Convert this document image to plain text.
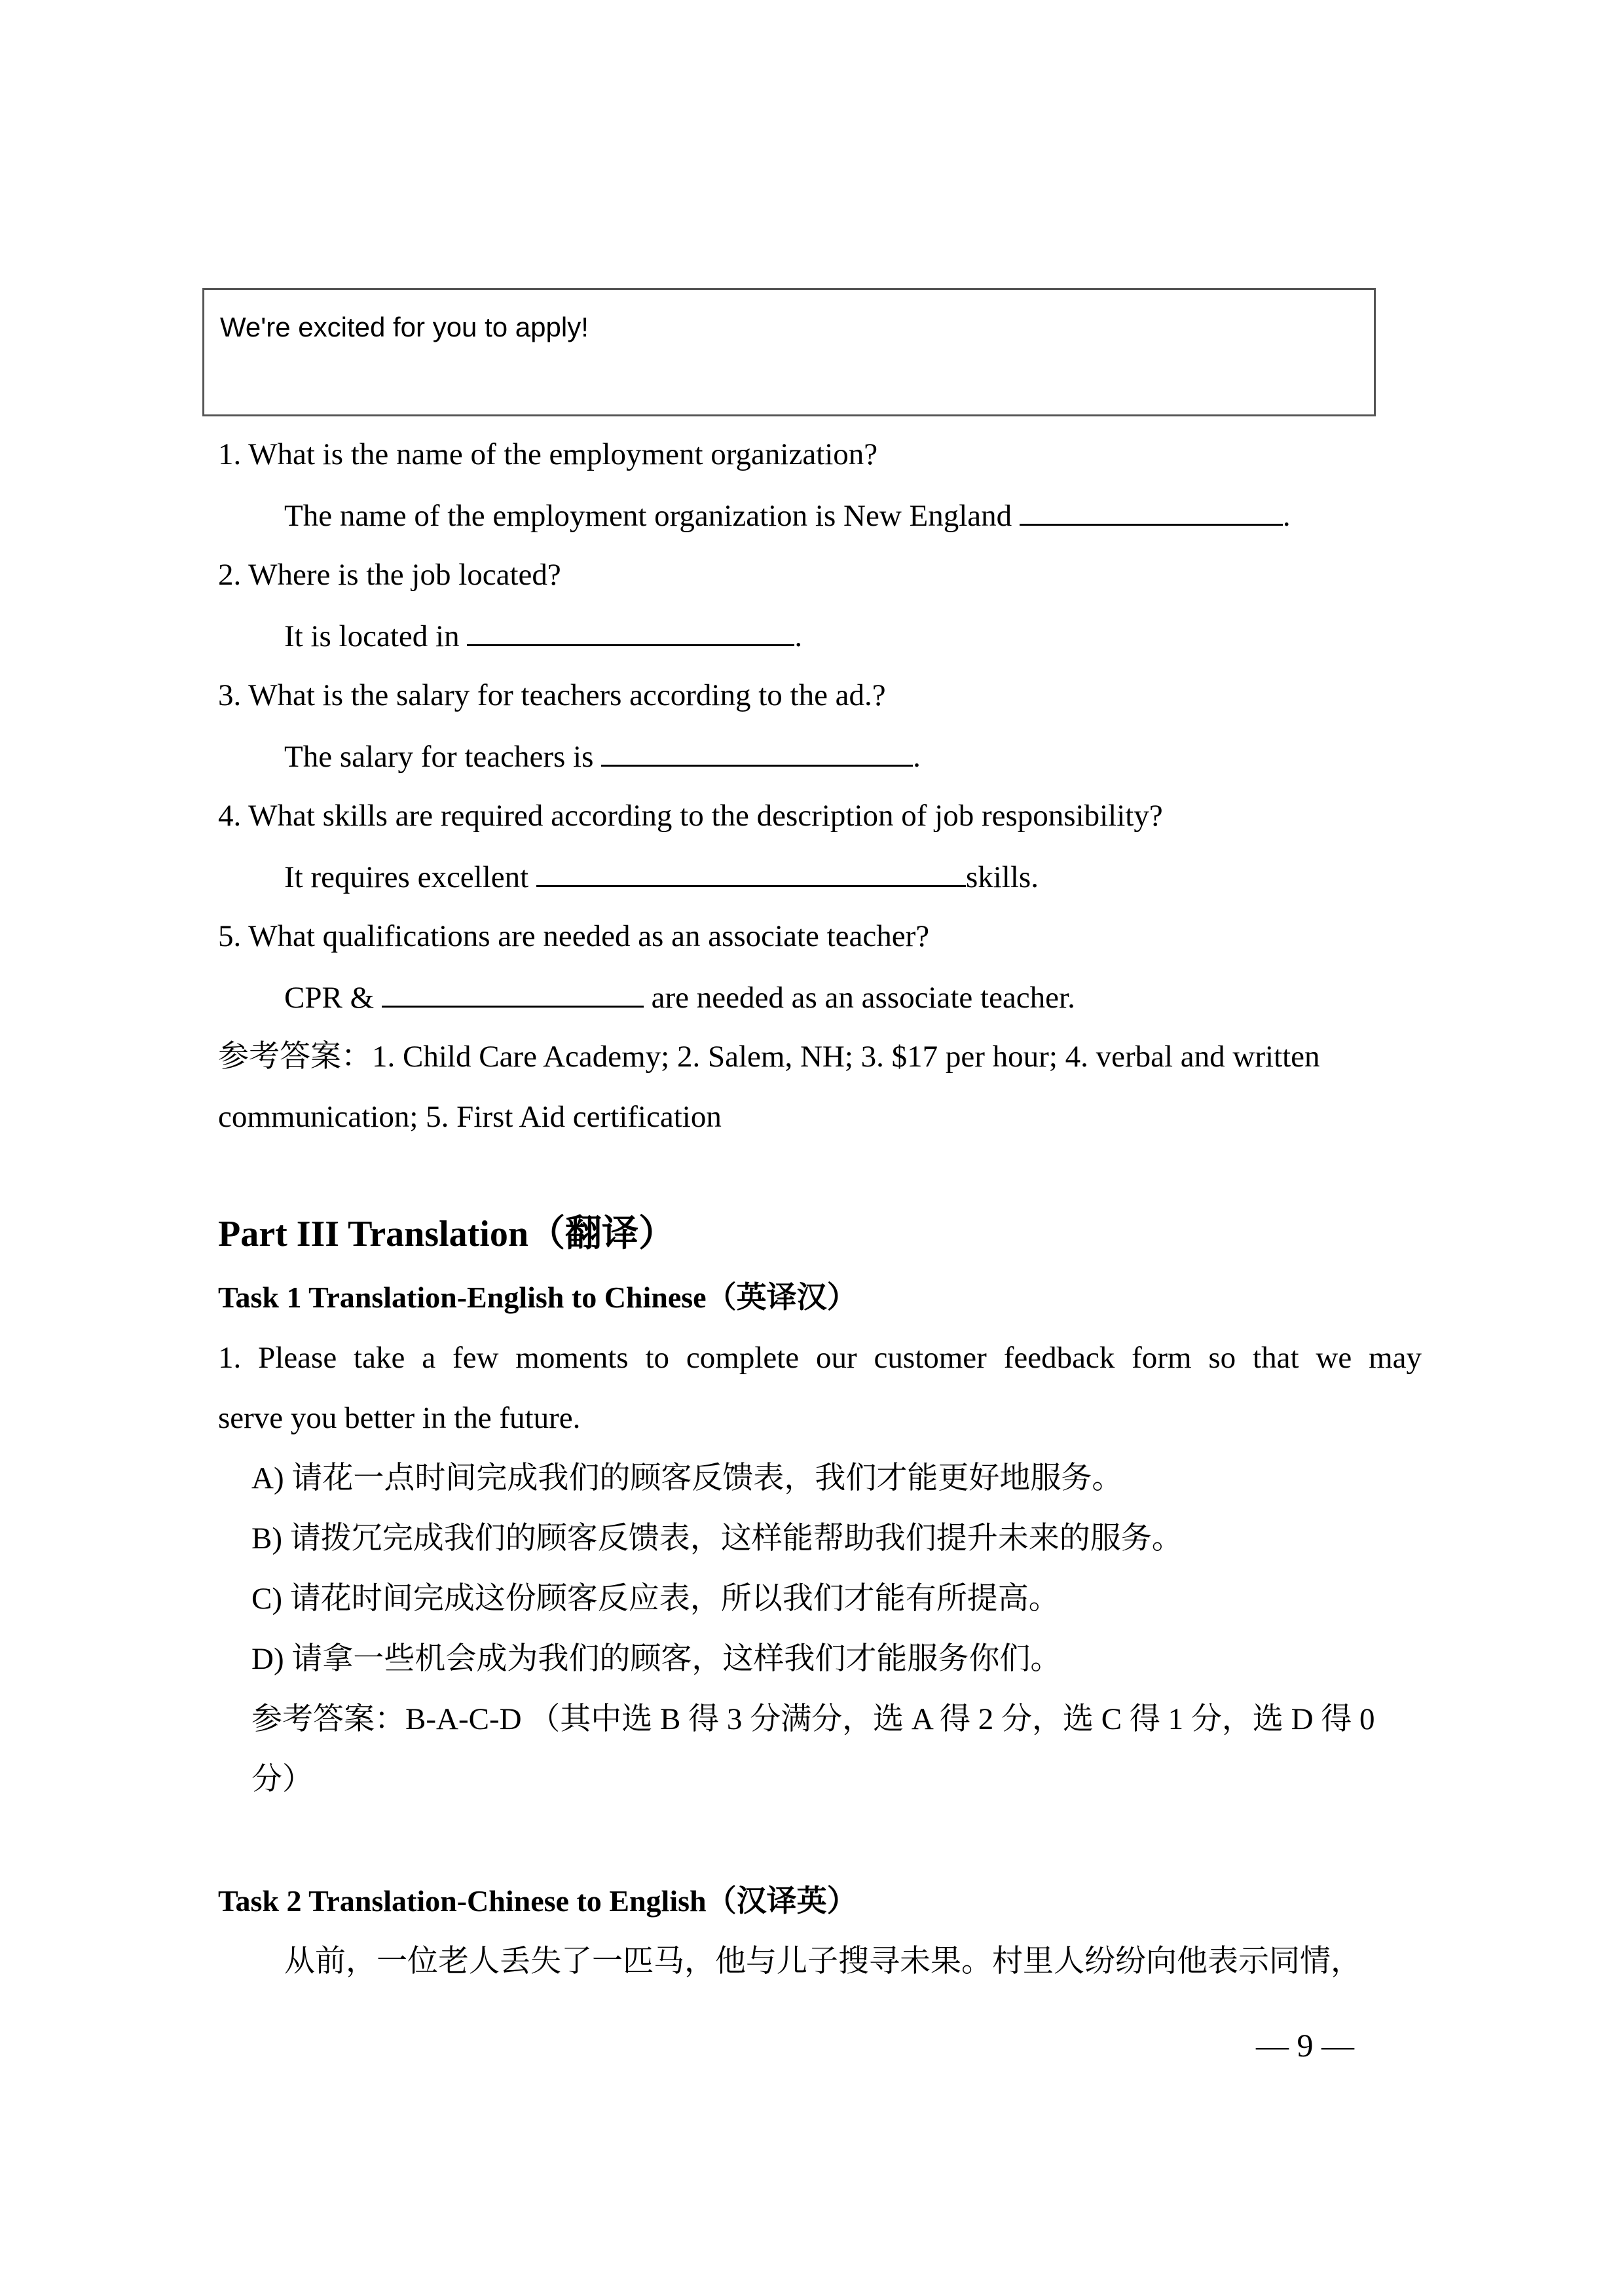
We're excited for you to apply!
1. What is the name of the employment organization?
The name of the employment organization is New England	.
2. Where is the job located?
It is located in	.
3. What is the salary for teachers according to the ad.?
The salary for teachers is	.
4. What skills are required according to the description of job responsibility?
It requires excellent	skills.
5. What qualifications are needed as an associate teacher?
CPR &	are needed as an associate teacher.
参考答案：1. Child Care Academy; 2. Salem, NH; 3. $17 per hour; 4. verbal and written
communication; 5. First Aid certification
Part III Translation（翻译）
Task 1 Translation-English to Chinese（英译汉）
1. Please take a few moments to complete our customer feedback form so that we may
serve you better in the future.
A) 请花一点时间完成我们的顾客反馈表，我们才能更好地服务。
B) 请拨冗完成我们的顾客反馈表，这样能帮助我们提升未来的服务。
C) 请花时间完成这份顾客反应表，所以我们才能有所提高。
D) 请拿一些机会成为我们的顾客，这样我们才能服务你们。
参考答案：B-A-C-D （其中选 B 得 3 分满分，选 A 得 2 分，选 C 得 1 分，选 D 得 0
分）
Task 2 Translation-Chinese to English（汉译英）
从前，一位老人丢失了一匹马，他与儿子搜寻未果。村里人纷纷向他表示同情，
— 9 —
